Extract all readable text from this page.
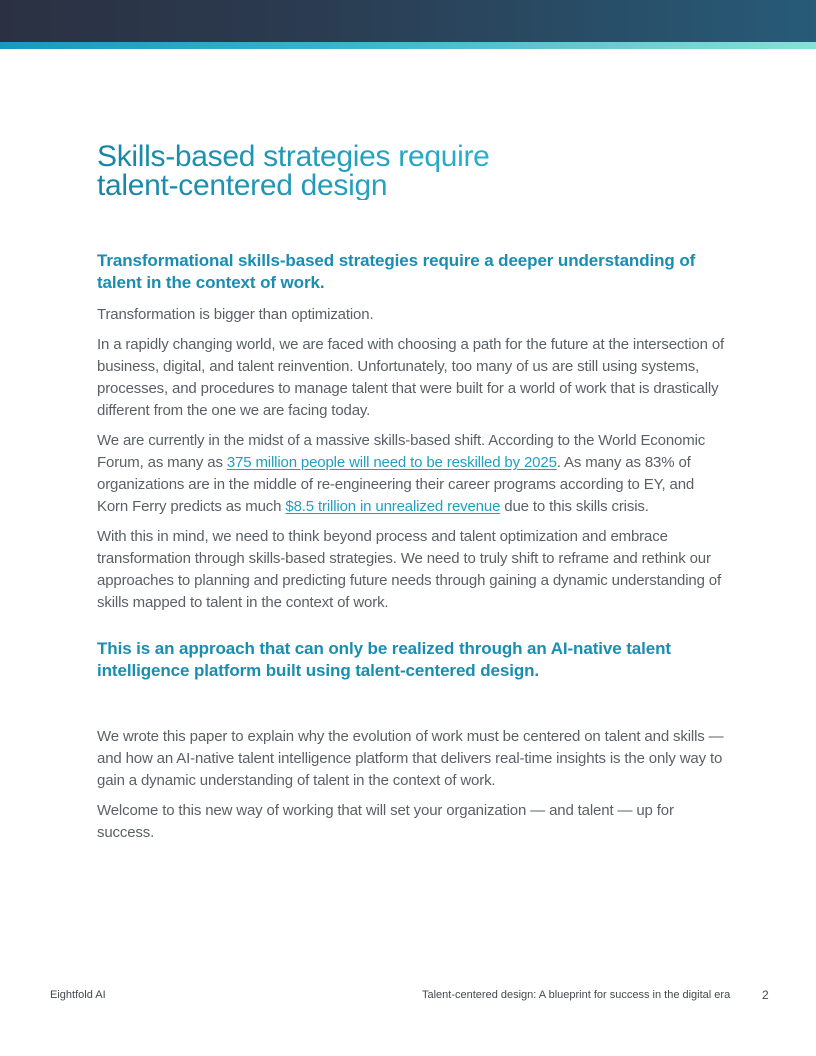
Skills-based strategies require
talent-centered design
Transformational skills-based strategies require a deeper understanding of talent in the context of work.

Transformation is bigger than optimization.

In a rapidly changing world, we are faced with choosing a path for the future at the intersection of business, digital, and talent reinvention. Unfortunately, too many of us are still using systems, processes, and procedures to manage talent that were built for a world of work that is drastically different from the one we are facing today.

We are currently in the midst of a massive skills-based shift. According to the World Economic Forum, as many as 375 million people will need to be reskilled by 2025. As many as 83% of organizations are in the middle of re-engineering their career programs according to EY, and Korn Ferry predicts as much $8.5 trillion in unrealized revenue due to this skills crisis.

With this in mind, we need to think beyond process and talent optimization and embrace transformation through skills-based strategies. We need to truly shift to reframe and rethink our approaches to planning and predicting future needs through gaining a dynamic understanding of skills mapped to talent in the context of work.

This is an approach that can only be realized through an AI-native talent intelligence platform built using talent-centered design.

We wrote this paper to explain why the evolution of work must be centered on talent and skills — and how an AI-native talent intelligence platform that delivers real-time insights is the only way to gain a dynamic understanding of talent in the context of work.

Welcome to this new way of working that will set your organization — and talent — up for success.

Eightfold AI	Talent-centered design: A blueprint for success in the digital era	2
